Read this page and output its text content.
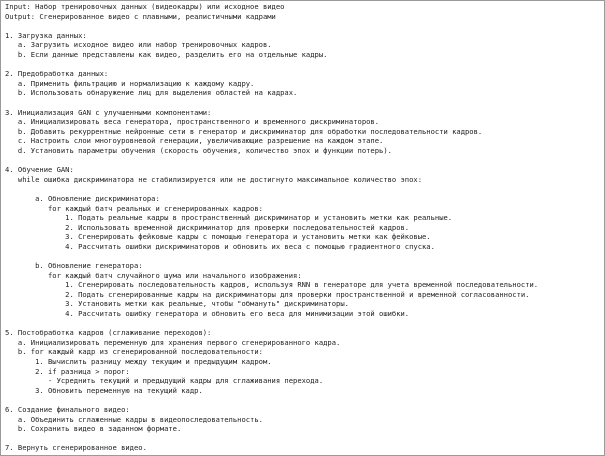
Input: Набор тренировочных данных (видеокадры) или исходное видео
Output: Сгенерированное видео с плавными, реалистичными кадрами
1. Загрузка данных:
a. Загрузить исходное видео или набор тренировочных кадров.
b. Если данные представлены как видео, разделить его на отдельные кадры.
2. Предобработка данных:
a. Применить фильтрацию и нормализацию к каждому кадру.
b. Использовать обнаружение лиц для выделения областей на кадрах.
3. Инициализация GAN с улучшенными компонентами:
a. Инициализировать веса генератора, пространственного и временного дискриминаторов.
b. Добавить рекуррентные нейронные сети в генератор и дискриминатор для обработки последовательности кадров.
c. Настроить слои многоуровневой генерации, увеличивающие разрешение на каждом этапе.
d. Установить параметры обучения (скорость обучения, количество эпох и функции потерь).
4. Обучение GAN:
while ошибка дискриминатора не стабилизируется или не достигнуто максимальное количество эпох:
a. Обновление дискриминатора:
for каждый батч реальных и сгенерированных кадров:
1. Подать реальные кадры в пространственный дискриминатор и установить метки как реальные.
2. Использовать временной дискриминатор для проверки последовательностей кадров.
3. Сгенерировать фейковые кадры с помощью генератора и установить метки как фейковые.
4. Рассчитать ошибки дискриминаторов и обновить их веса с помощью градиентного спуска.
b. Обновление генератора:
for каждый батч случайного шума или начального изображения:
1. Сгенерировать последовательность кадров, используя RNN в генераторе для учета временной последовательности.
2. Подать сгенерированные кадры на дискриминаторы для проверки пространственной и временной согласованности.
3. Установить метки как реальные, чтобы "обмануть" дискриминаторы.
4. Рассчитать ошибку генератора и обновить его веса для минимизации этой ошибки.
5. Постобработка кадров (сглаживание переходов):
a. Инициализировать переменную для хранения первого сгенерированного кадра.
b. for каждый кадр из сгенерированной последовательности:
1. Вычислить разницу между текущим и предыдущим кадром.
2. if разница > порог:
- Усреднить текущий и предыдущий кадры для сглаживания перехода.
3. Обновить переменную на текущий кадр.
6. Создание финального видео:
a. Объединить сглаженные кадры в видеопоследовательность.
b. Сохранить видео в заданном формате.
7. Вернуть сгенерированное видео.
